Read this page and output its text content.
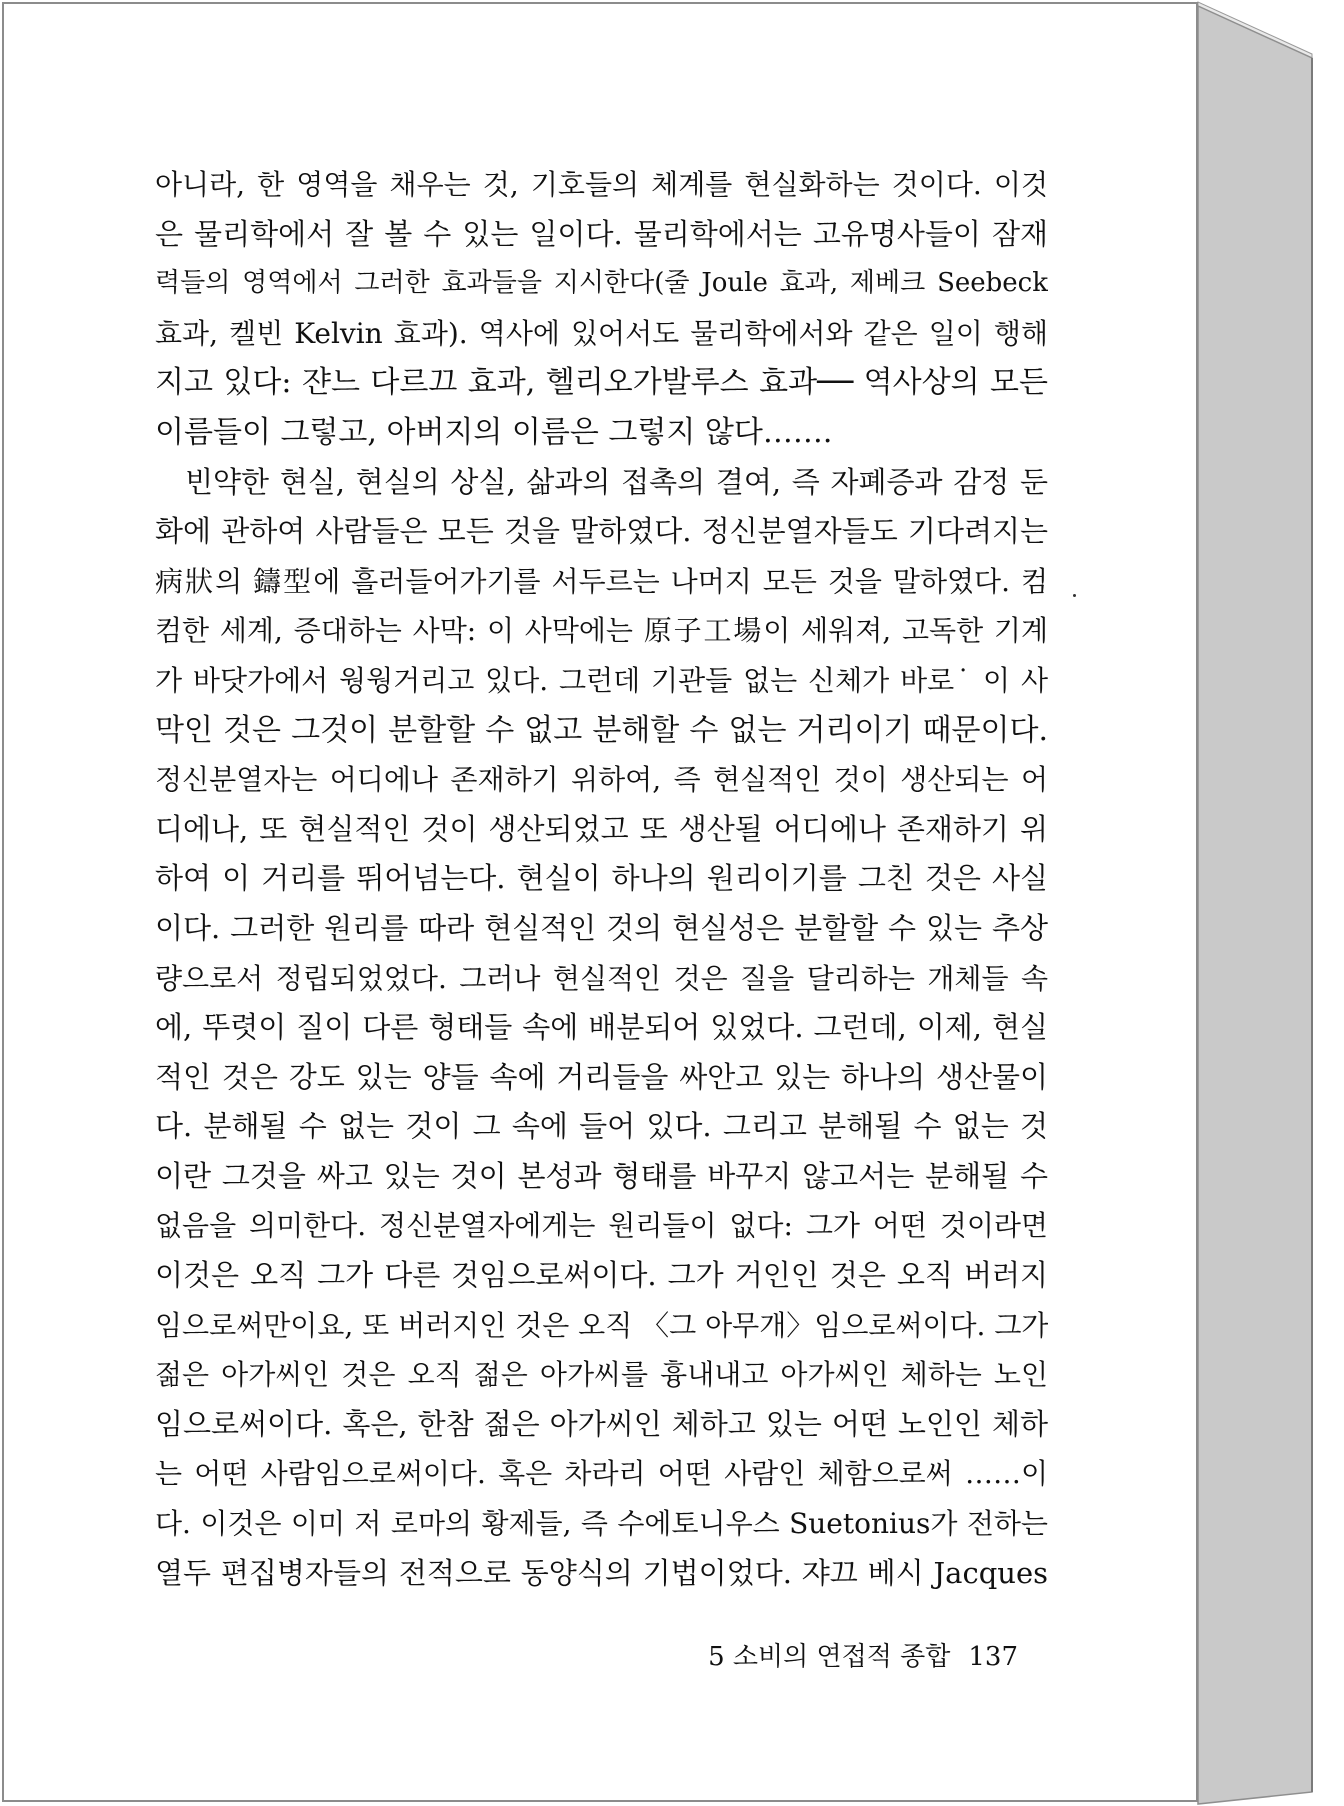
아니라, 한 영역을 채우는 것, 기호들의 체계를 현실화하는 것이다. 이것
은 물리학에서 잘 볼 수 있는 일이다. 물리학에서는 고유명사들이 잠재
력들의 영역에서 그러한 효과들을 지시한다(줄 Joule 효과, 제베크 Seebeck
효과, 켈빈 Kelvin 효과). 역사에 있어서도 물리학에서와 같은 일이 행해
지고 있다: 쟌느 다르끄 효과, 헬리오가발루스 효과── 역사상의 모든
이름들이 그렇고, 아버지의 이름은 그렇지 않다…….
빈약한 현실, 현실의 상실, 삶과의 접촉의 결여, 즉 자폐증과 감정 둔
화에 관하여 사람들은 모든 것을 말하였다. 정신분열자들도 기다려지는
病狀의 鑄型에 흘러들어가기를 서두르는 나머지 모든 것을 말하였다. 컴
컴한 세계, 증대하는 사막: 이 사막에는 原子工場이 세워져, 고독한 기계
가 바닷가에서 웡웡거리고 있다. 그런데 기관들 없는 신체가 바로˙ 이 사
막인 것은 그것이 분할할 수 없고 분해할 수 없는 거리이기 때문이다.
정신분열자는 어디에나 존재하기 위하여, 즉 현실적인 것이 생산되는 어
디에나, 또 현실적인 것이 생산되었고 또 생산될 어디에나 존재하기 위
하여 이 거리를 뛰어넘는다. 현실이 하나의 원리이기를 그친 것은 사실
이다. 그러한 원리를 따라 현실적인 것의 현실성은 분할할 수 있는 추상
량으로서 정립되었었다. 그러나 현실적인 것은 질을 달리하는 개체들 속
에, 뚜렷이 질이 다른 형태들 속에 배분되어 있었다. 그런데, 이제, 현실
적인 것은 강도 있는 양들 속에 거리들을 싸안고 있는 하나의 생산물이
다. 분해될 수 없는 것이 그 속에 들어 있다. 그리고 분해될 수 없는 것
이란 그것을 싸고 있는 것이 본성과 형태를 바꾸지 않고서는 분해될 수
없음을 의미한다. 정신분열자에게는 원리들이 없다: 그가 어떤 것이라면
이것은 오직 그가 다른 것임으로써이다. 그가 거인인 것은 오직 버러지
임으로써만이요, 또 버러지인 것은 오직 〈그 아무개〉임으로써이다. 그가
젊은 아가씨인 것은 오직 젊은 아가씨를 흉내내고 아가씨인 체하는 노인
임으로써이다. 혹은, 한참 젊은 아가씨인 체하고 있는 어떤 노인인 체하
는 어떤 사람임으로써이다. 혹은 차라리 어떤 사람인 체함으로써 ……이
다. 이것은 이미 저 로마의 황제들, 즉 수에토니우스 Suetonius가 전하는
열두 편집병자들의 전적으로 동양식의 기법이었다. 쟈끄 베시 Jacques
5 소비의 연접적 종합 137
